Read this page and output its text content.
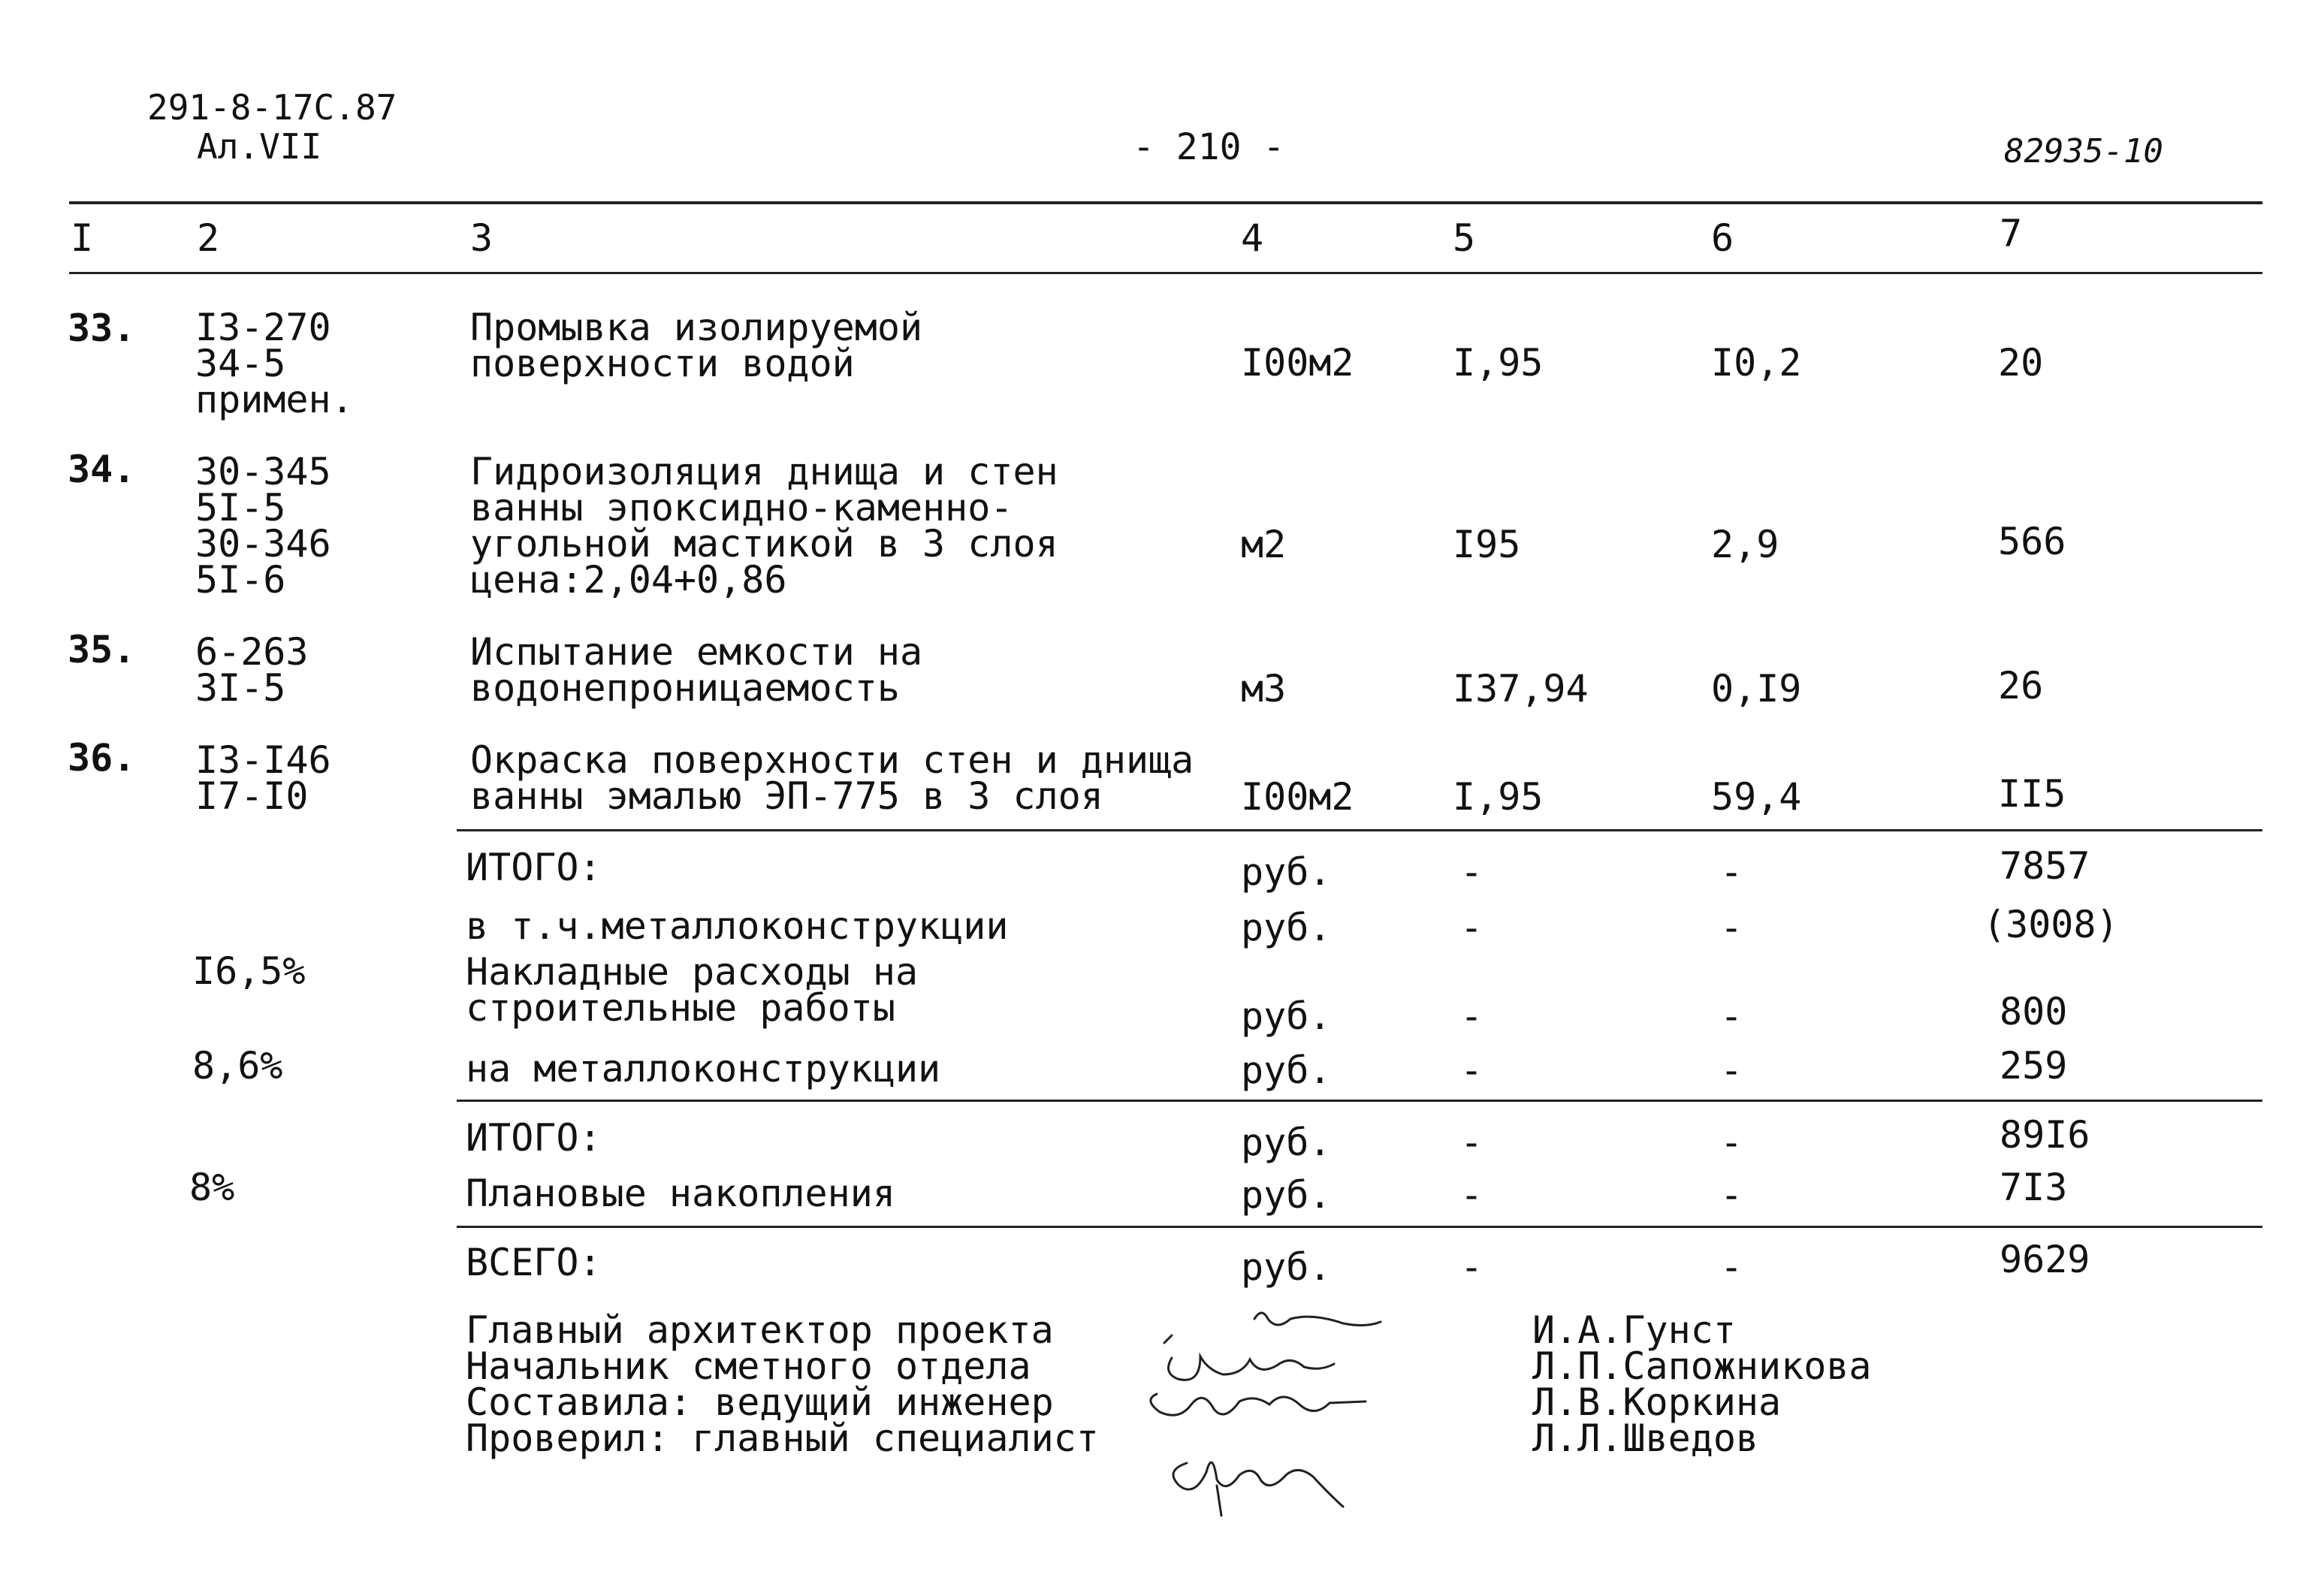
291-8-17С.87
Ал.VII	- 210 -	82935-10
I	2	3	4	5	6	7
33. I3-270
34-5
примен.
Промывка изолируемой
поверхности водой	I00м2	I,95	I0,2	20
34. 30-345
5I-5
30-346
5I-6
Гидроизоляция днища и стен
ванны эпоксидно-каменно-
угольной мастикой в 3 слоя
цена:2,04+0,86
м2	I95	2,9	566
35. 6-263
3I-5
Испытание емкости на
водонепроницаемость	м3	I37,94	0,I9	26
36. I3-I46
I7-I0
Окраска поверхности стен и днища
ванны эмалью ЭП-775 в 3 слоя	I00м2	I,95	59,4	II5
ИТОГО:	руб.	-	-	7857
в т.ч.металлоконструкции	руб.	-	-	(3008)
I6,5%	Накладные расходы на
строительные работы	руб.	-	-	800
8,6%	на металлоконструкции	руб.	-	-	259
ИТОГО:	руб.	-	-	89I6
8%	Плановые накопления	руб.	-	-	7I3
ВСЕГО:	руб.	-	-	9629
Главный архитектор проекта
Начальник сметного отдела
Составила: ведущий инженер
Проверил: главный специалист
И.А.Гунст
Л.П.Сапожникова
Л.В.Коркина
Л.Л.Шведов
